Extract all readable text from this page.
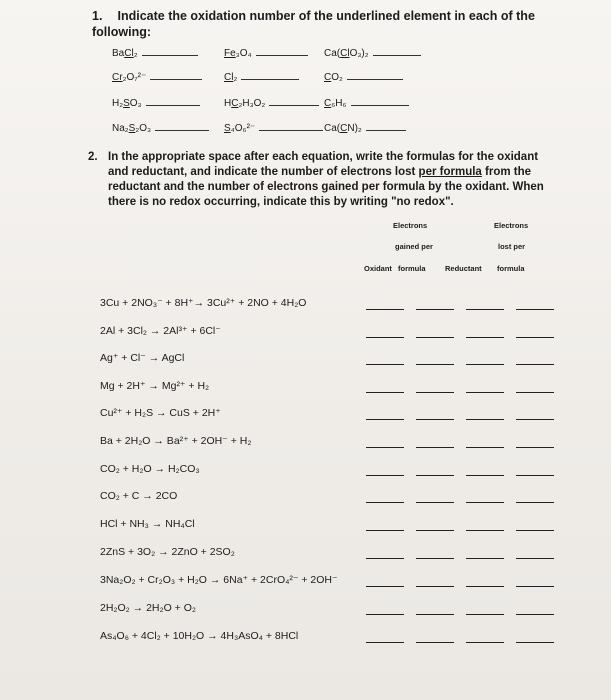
1. Indicate the oxidation number of the underlined element in each of the following:
BaCl₂	Fe₃O₄	Ca(ClO₃)₂
Cr₂O₇²⁻	Cl₂	CO₂
H₂SO₃	HC₂H₃O₂	C₆H₆
Na₂S₂O₃	S₄O₆²⁻	Ca(CN)₂
2. In the appropriate space after each equation, write the formulas for the oxidant and reductant, and indicate the number of electrons lost per formula from the reductant and the number of electrons gained per formula by the oxidant. When there is no redox occurring, indicate this by writing "no redox".
Electrons
gained per
formula
Electrons
lost per
formula
Oxidant	Reductant
3Cu + 2NO₃⁻ + 8H⁺→ 3Cu²⁺ + 2NO + 4H₂O
2Al + 3Cl₂ → 2Al³⁺ + 6Cl⁻
Ag⁺ + Cl⁻ → AgCl
Mg + 2H⁺ → Mg²⁺ + H₂
Cu²⁺ + H₂S → CuS + 2H⁺
Ba + 2H₂O → Ba²⁺ + 2OH⁻ + H₂
CO₂ + H₂O → H₂CO₃
CO₂ + C → 2CO
HCl + NH₃ → NH₄Cl
2ZnS + 3O₂ → 2ZnO + 2SO₂
3Na₂O₂ + Cr₂O₃ + H₂O → 6Na⁺ + 2CrO₄²⁻ + 2OH⁻
2H₂O₂ → 2H₂O + O₂
As₄O₆ + 4Cl₂ + 10H₂O → 4H₃AsO₄ + 8HCl
